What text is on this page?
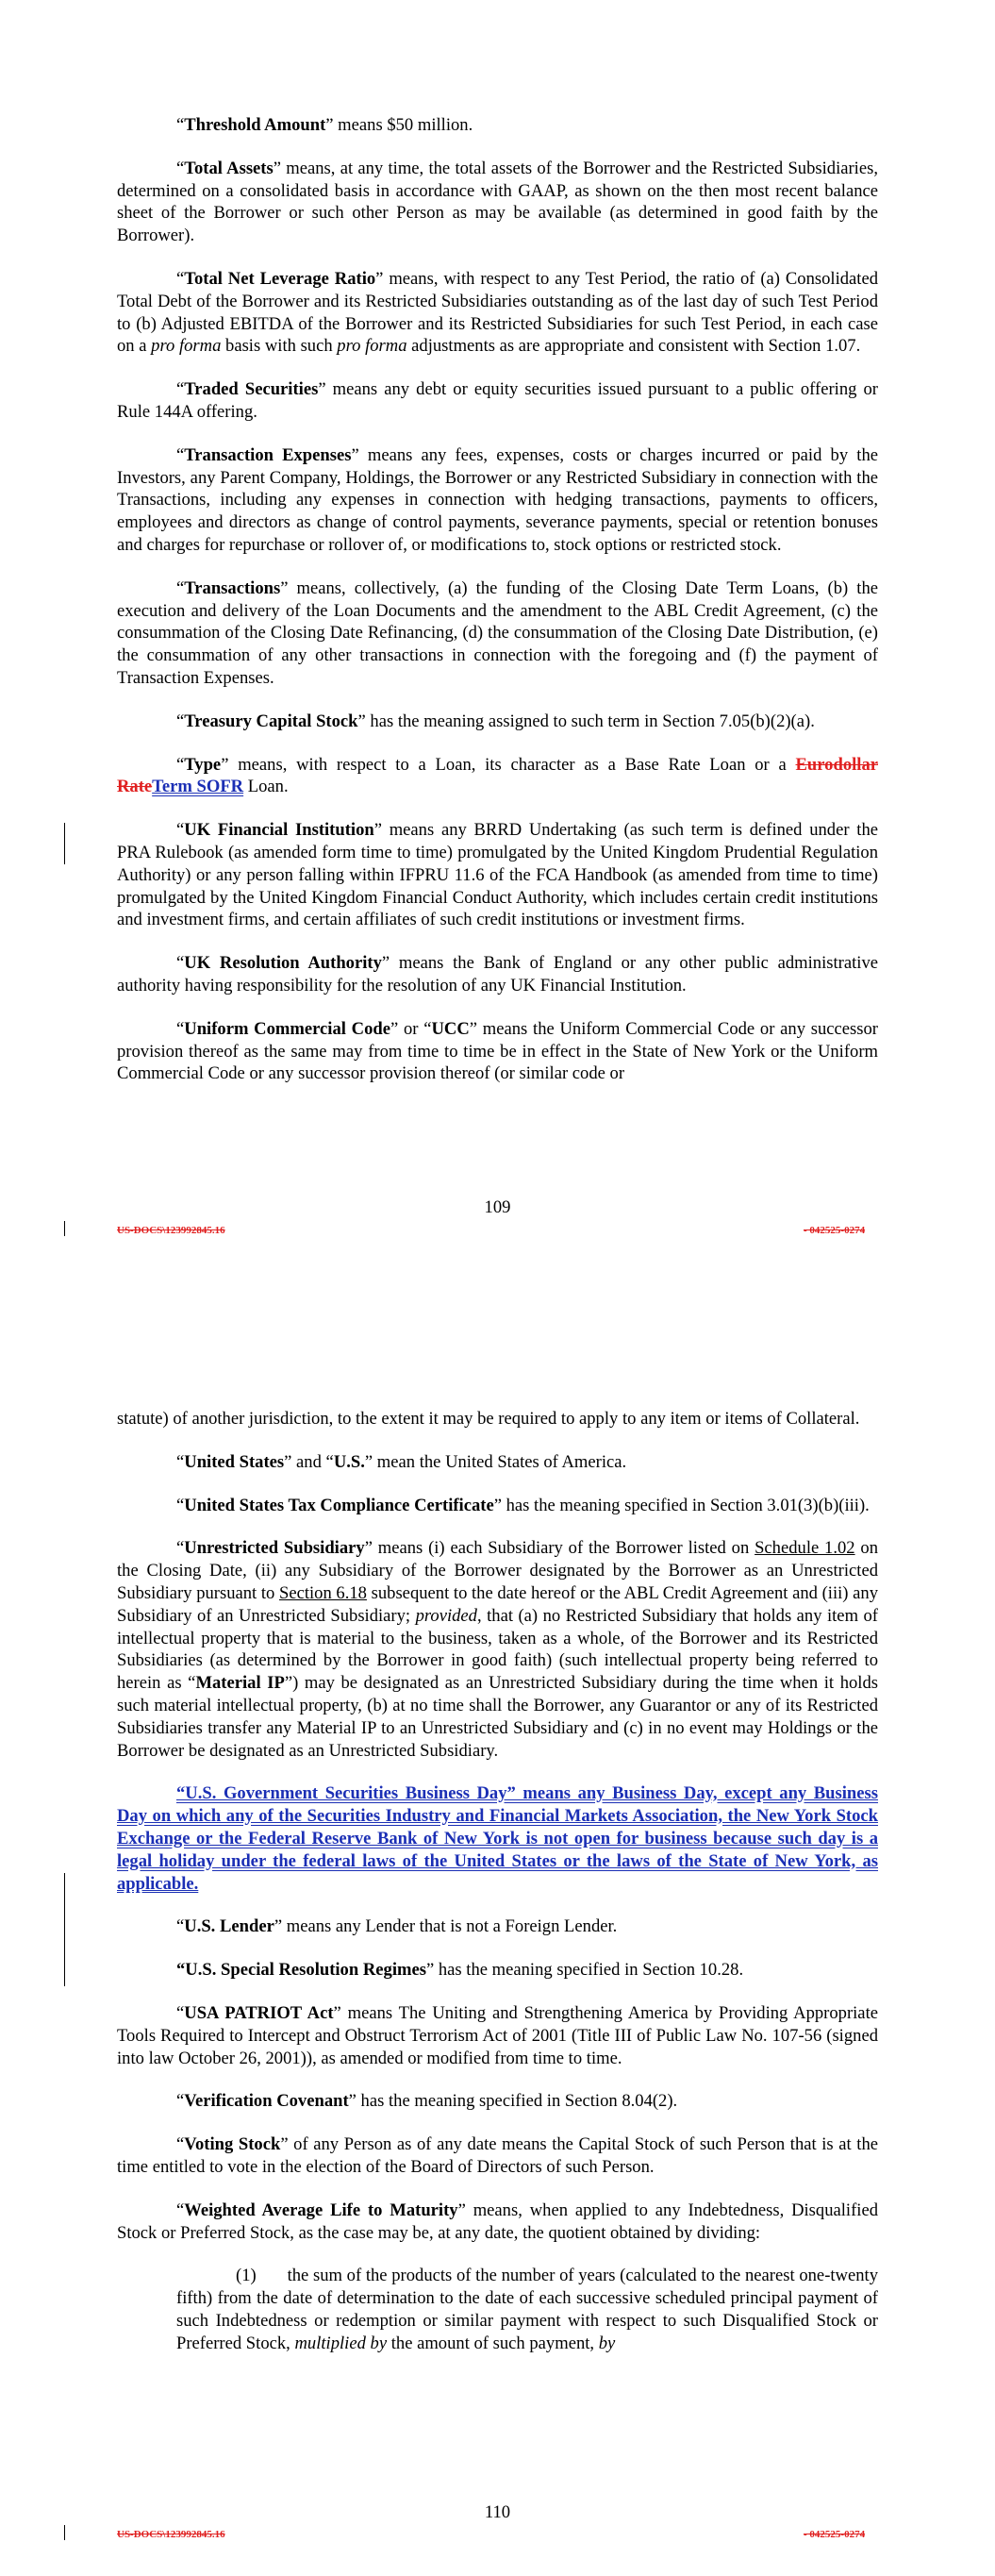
“Threshold Amount” means $50 million.

“Total Assets” means, at any time, the total assets of the Borrower and the Restricted Subsidiaries, determined on a consolidated basis in accordance with GAAP, as shown on the then most recent balance sheet of the Borrower or such other Person as may be available (as determined in good faith by the Borrower).

“Total Net Leverage Ratio” means, with respect to any Test Period, the ratio of (a) Consolidated Total Debt of the Borrower and its Restricted Subsidiaries outstanding as of the last day of such Test Period to (b) Adjusted EBITDA of the Borrower and its Restricted Subsidiaries for such Test Period, in each case on a pro forma basis with such pro forma adjustments as are appropriate and consistent with Section 1.07.

“Traded Securities” means any debt or equity securities issued pursuant to a public offering or Rule 144A offering.

“Transaction Expenses” means any fees, expenses, costs or charges incurred or paid by the Investors, any Parent Company, Holdings, the Borrower or any Restricted Subsidiary in connection with the Transactions, including any expenses in connection with hedging transactions, payments to officers, employees and directors as change of control payments, severance payments, special or retention bonuses and charges for repurchase or rollover of, or modifications to, stock options or restricted stock.

“Transactions” means, collectively, (a) the funding of the Closing Date Term Loans, (b) the execution and delivery of the Loan Documents and the amendment to the ABL Credit Agreement, (c) the consummation of the Closing Date Refinancing, (d) the consummation of the Closing Date Distribution, (e) the consummation of any other transactions in connection with the foregoing and (f) the payment of Transaction Expenses.

“Treasury Capital Stock” has the meaning assigned to such term in Section 7.05(b)(2)(a).

“Type” means, with respect to a Loan, its character as a Base Rate Loan or a Eurodollar RateTerm SOFR Loan.

“UK Financial Institution” means any BRRD Undertaking (as such term is defined under the PRA Rulebook (as amended form time to time) promulgated by the United Kingdom Prudential Regulation Authority) or any person falling within IFPRU 11.6 of the FCA Handbook (as amended from time to time) promulgated by the United Kingdom Financial Conduct Authority, which includes certain credit institutions and investment firms, and certain affiliates of such credit institutions or investment firms.

“UK Resolution Authority” means the Bank of England or any other public administrative authority having responsibility for the resolution of any UK Financial Institution.

“Uniform Commercial Code” or “UCC” means the Uniform Commercial Code or any successor provision thereof as the same may from time to time be in effect in the State of New York or the Uniform Commercial Code or any successor provision thereof (or similar code or

109
US-DOCS\123992845.16	- 042525-0274

statute) of another jurisdiction, to the extent it may be required to apply to any item or items of Collateral.

“United States” and “U.S.” mean the United States of America.

“United States Tax Compliance Certificate” has the meaning specified in Section 3.01(3)(b)(iii).

“Unrestricted Subsidiary” means (i) each Subsidiary of the Borrower listed on Schedule 1.02 on the Closing Date, (ii) any Subsidiary of the Borrower designated by the Borrower as an Unrestricted Subsidiary pursuant to Section 6.18 subsequent to the date hereof or the ABL Credit Agreement and (iii) any Subsidiary of an Unrestricted Subsidiary; provided, that (a) no Restricted Subsidiary that holds any item of intellectual property that is material to the business, taken as a whole, of the Borrower and its Restricted Subsidiaries (as determined by the Borrower in good faith) (such intellectual property being referred to herein as “Material IP”) may be designated as an Unrestricted Subsidiary during the time when it holds such material intellectual property, (b) at no time shall the Borrower, any Guarantor or any of its Restricted Subsidiaries transfer any Material IP to an Unrestricted Subsidiary and (c) in no event may Holdings or the Borrower be designated as an Unrestricted Subsidiary.

“U.S. Government Securities Business Day” means any Business Day, except any Business Day on which any of the Securities Industry and Financial Markets Association, the New York Stock Exchange or the Federal Reserve Bank of New York is not open for business because such day is a legal holiday under the federal laws of the United States or the laws of the State of New York, as applicable.

“U.S. Lender” means any Lender that is not a Foreign Lender.

“U.S. Special Resolution Regimes” has the meaning specified in Section 10.28.

“USA PATRIOT Act” means The Uniting and Strengthening America by Providing Appropriate Tools Required to Intercept and Obstruct Terrorism Act of 2001 (Title III of Public Law No. 107-56 (signed into law October 26, 2001)), as amended or modified from time to time.

“Verification Covenant” has the meaning specified in Section 8.04(2).

“Voting Stock” of any Person as of any date means the Capital Stock of such Person that is at the time entitled to vote in the election of the Board of Directors of such Person.

“Weighted Average Life to Maturity” means, when applied to any Indebtedness, Disqualified Stock or Preferred Stock, as the case may be, at any date, the quotient obtained by dividing:

(1) the sum of the products of the number of years (calculated to the nearest one-twenty fifth) from the date of determination to the date of each successive scheduled principal payment of such Indebtedness or redemption or similar payment with respect to such Disqualified Stock or Preferred Stock, multiplied by the amount of such payment, by

110
US-DOCS\123992845.16	- 042525-0274
